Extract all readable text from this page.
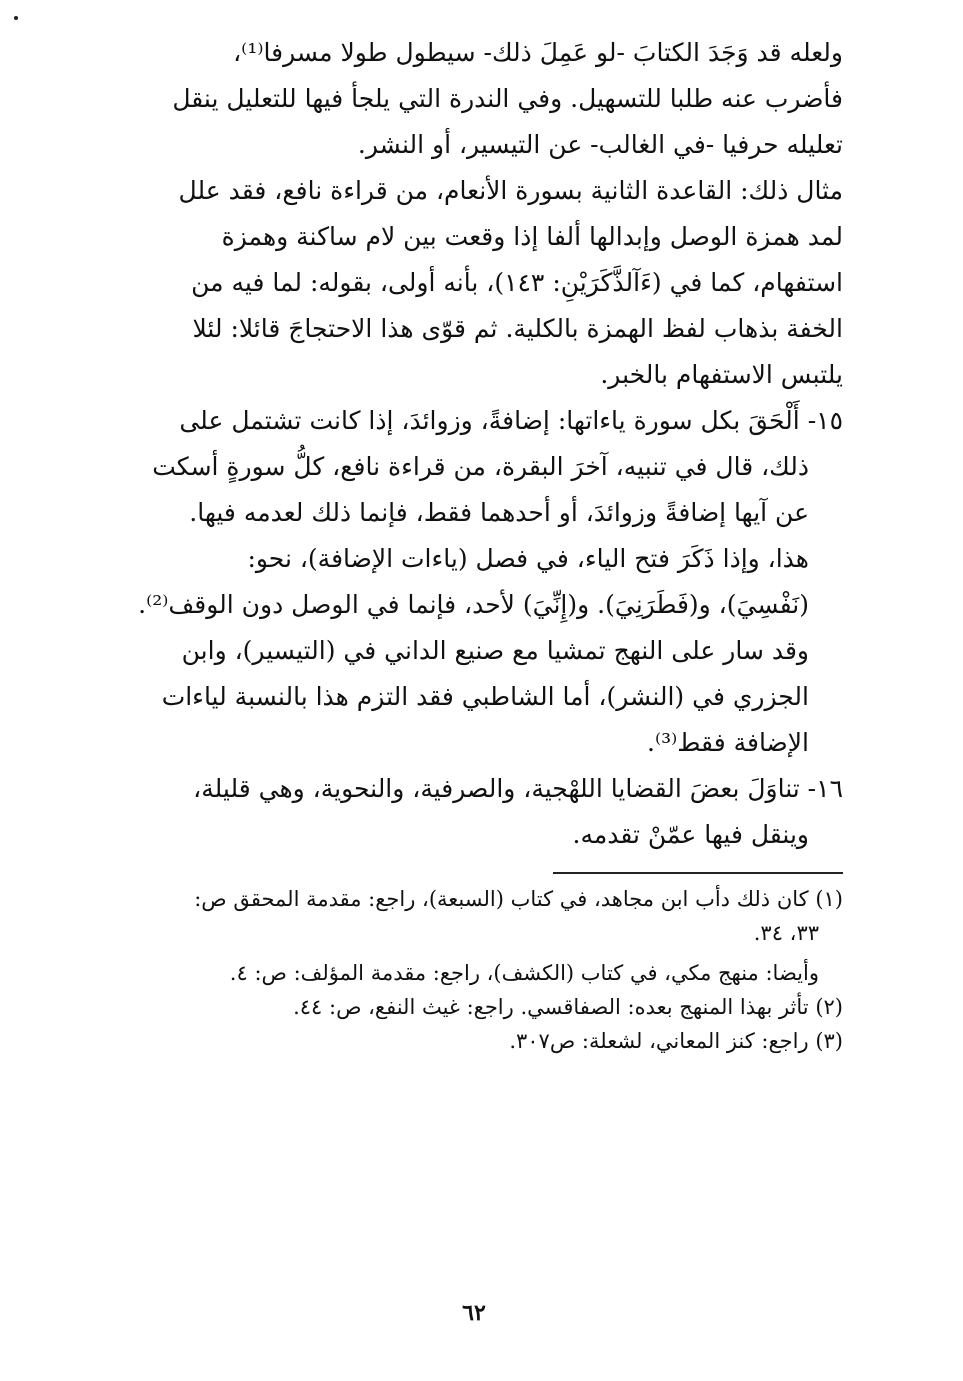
ولعله قد وَجَدَ الكتابَ -لو عَمِلَ ذلك- سيطول طولا مسرفا⁽¹⁾،
فأضرب عنه طلبا للتسهيل. وفي الندرة التي يلجأ فيها للتعليل ينقل
تعليله حرفيا -في الغالب- عن التيسير، أو النشر.
مثال ذلك: القاعدة الثانية بسورة الأنعام، من قراءة نافع، فقد علل
لمد همزة الوصل وإبدالها ألفا إذا وقعت بين لام ساكنة وهمزة
استفهام، كما في (ءَآلذَّكَرَيْنِ: ١٤٣)، بأنه أولى، بقوله: لما فيه من
الخفة بذهاب لفظ الهمزة بالكلية. ثم قوّى هذا الاحتجاجَ قائلا: لئلا
يلتبس الاستفهام بالخبر.
١٥- أَلْحَقَ بكل سورة ياءاتها: إضافةً، وزوائدَ، إذا كانت تشتمل على
ذلك، قال في تنبيه، آخرَ البقرة، من قراءة نافع، كلُّ سورةٍ أسكت
عن آيها إضافةً وزوائدَ، أو أحدهما فقط، فإنما ذلك لعدمه فيها.
هذا، وإذا ذَكَرَ فتح الياء، في فصل (ياءات الإضافة)، نحو:
(نَفْسِيَ)، و(فَطَرَنِيَ). و(إِنِّيَ) لأحد، فإنما في الوصل دون الوقف⁽²⁾.
وقد سار على النهج تمشيا مع صنيع الداني في (التيسير)، وابن
الجزري في (النشر)، أما الشاطبي فقد التزم هذا بالنسبة لياءات
الإضافة فقط⁽³⁾.
١٦- تناوَلَ بعضَ القضايا اللهْجية، والصرفية، والنحوية، وهي قليلة،
وينقل فيها عمّنْ تقدمه.
(١) كان ذلك دأب ابن مجاهد، في كتاب (السبعة)، راجع: مقدمة المحقق ص:
٣٣، ٣٤.
وأيضا: منهج مكي، في كتاب (الكشف)، راجع: مقدمة المؤلف: ص: ٤.
(٢) تأثر بهذا المنهج بعده: الصفاقسي. راجع: غيث النفع، ص: ٤٤.
(٣) راجع: كنز المعاني، لشعلة: ص٣٠٧.
٦٢
